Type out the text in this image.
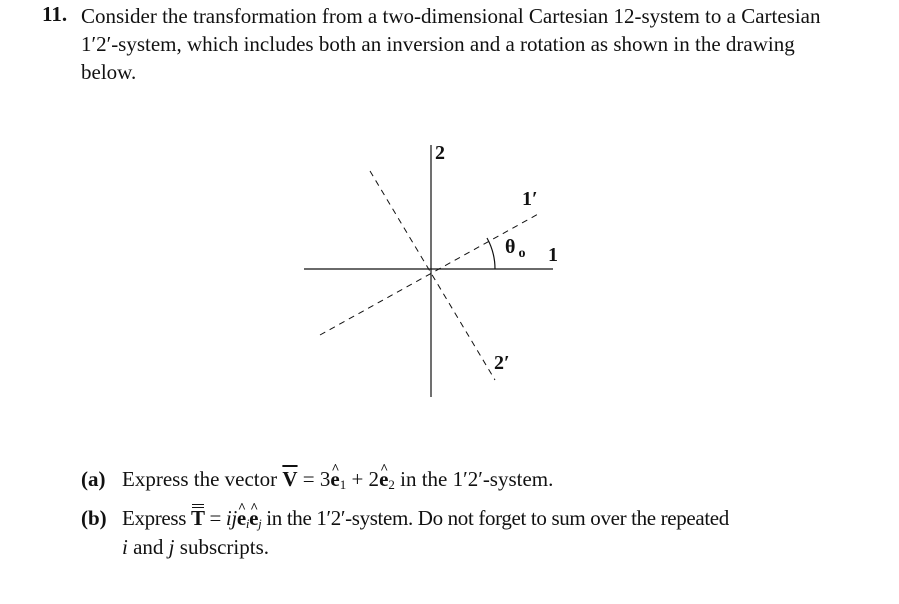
11. Consider the transformation from a two-dimensional Cartesian 12-system to a Cartesian 1′2′-system, which includes both an inversion and a rotation as shown in the drawing below.
2
1′
θ $_o$ 1
2′
(a) Express the vector $\overline{V} = 3e$ $\^{}_1 + 2e$ $\^{}_2$ in the 1′2′-system.
(b) Express T = ije $\^{}_ie$ $\^{}_j$ in the 1′2′-system. Do not forget to sum over the repeated
i and j subscripts.
